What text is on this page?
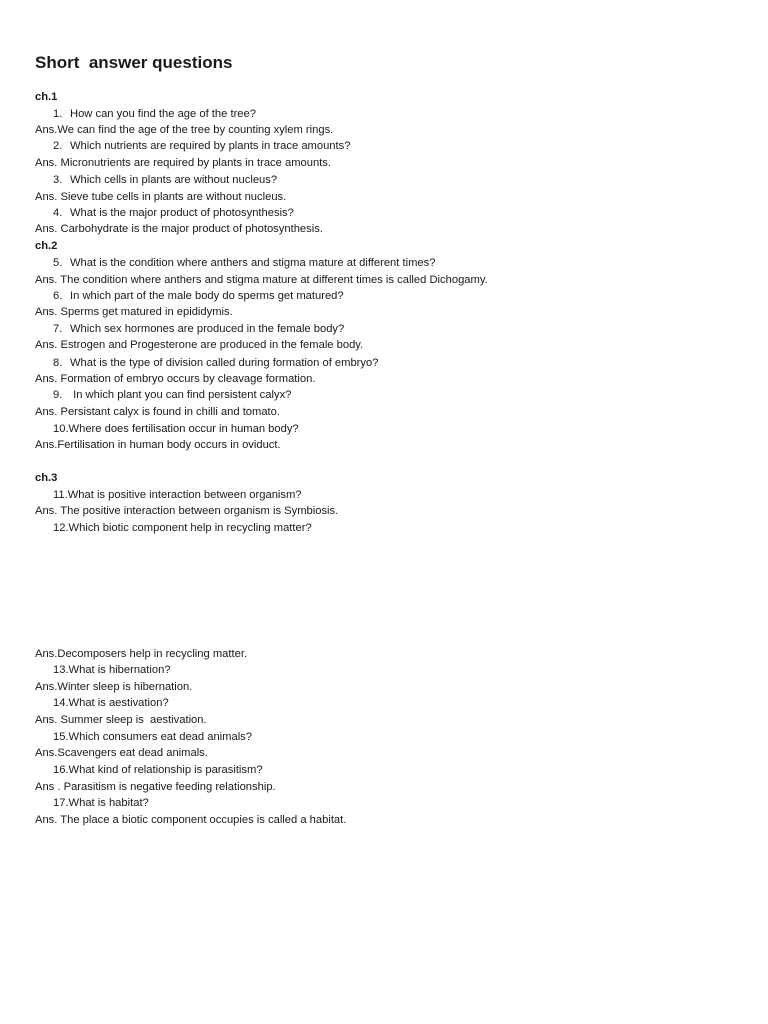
Short  answer questions

ch.1

1. How can you find the age of the tree?

Ans.We can find the age of the tree by counting xylem rings.

2. Which nutrients are required by plants in trace amounts?

Ans. Micronutrients are required by plants in trace amounts.

3. Which cells in plants are without nucleus?

Ans. Sieve tube cells in plants are without nucleus.

4. What is the major product of photosynthesis?

Ans. Carbohydrate is the major product of photosynthesis.

ch.2

5. What is the condition where anthers and stigma mature at different times?

Ans. The condition where anthers and stigma mature at different times is called Dichogamy.

6. In which part of the male body do sperms get matured?

Ans. Sperms get matured in epididymis.

7. Which sex hormones are produced in the female body?

Ans. Estrogen and Progesterone are produced in the female body.

8. What is the type of division called during formation of embryo?

Ans. Formation of embryo occurs by cleavage formation.

9. In which plant you can find persistent calyx?

Ans. Persistant calyx is found in chilli and tomato.

10.Where does fertilisation occur in human body?

Ans.Fertilisation in human body occurs in oviduct.

ch.3

11.What is positive interaction between organism?

Ans. The positive interaction between organism is Symbiosis.

12.Which biotic component help in recycling matter?

Ans.Decomposers help in recycling matter.

13.What is hibernation?

Ans.Winter sleep is hibernation.

14.What is aestivation?

Ans. Summer sleep is  aestivation.

15.Which consumers eat dead animals?

Ans.Scavengers eat dead animals.

16.What kind of relationship is parasitism?

Ans . Parasitism is negative feeding relationship.

17.What is habitat?

Ans. The place a biotic component occupies is called a habitat.
